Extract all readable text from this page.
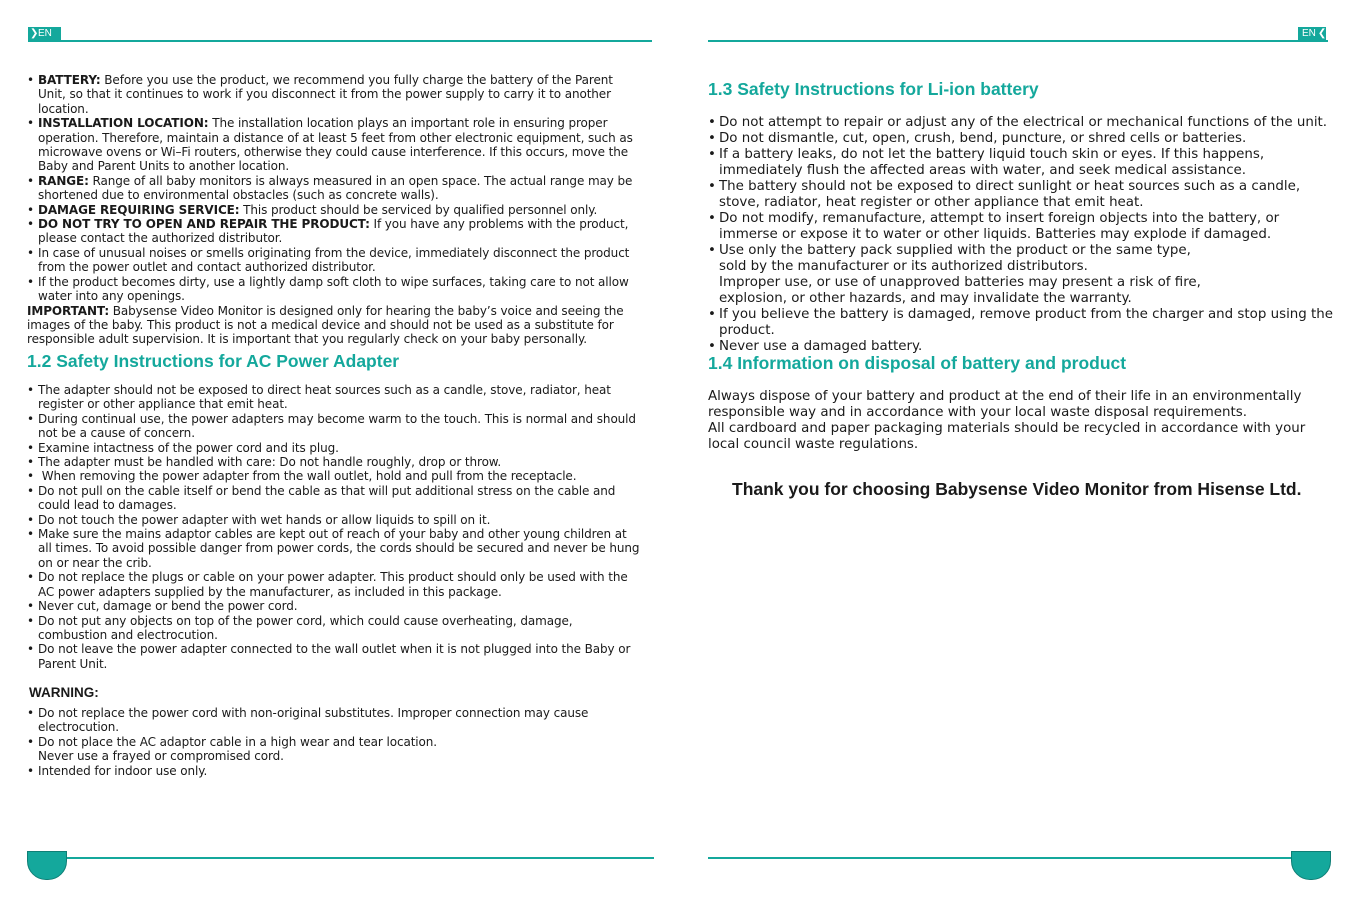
❯EN	EN ❮

• BATTERY: Before you use the product, we recommend you fully charge the battery of the Parent Unit, so that it continues to work if you disconnect it from the power supply to carry it to another location.

• INSTALLATION LOCATION: The installation location plays an important role in ensuring proper operation. Therefore, maintain a distance of at least 5 feet from other electronic equipment, such as microwave ovens or Wi–Fi routers, otherwise they could cause interference. If this occurs, move the Baby and Parent Units to another location.

• RANGE: Range of all baby monitors is always measured in an open space. The actual range may be shortened due to environmental obstacles (such as concrete walls).

• DAMAGE REQUIRING SERVICE: This product should be serviced by qualified personnel only.

• DO NOT TRY TO OPEN AND REPAIR THE PRODUCT: If you have any problems with the product, please contact the authorized distributor.

• In case of unusual noises or smells originating from the device, immediately disconnect the product from the power outlet and contact authorized distributor.

• If the product becomes dirty, use a lightly damp soft cloth to wipe surfaces, taking care to not allow water into any openings.

IMPORTANT: Babysense Video Monitor is designed only for hearing the baby’s voice and seeing the images of the baby. This product is not a medical device and should not be used as a substitute for responsible adult supervision. It is important that you regularly check on your baby personally.

1.2 Safety Instructions for AC Power Adapter

• The adapter should not be exposed to direct heat sources such as a candle, stove, radiator, heat register or other appliance that emit heat.

• During continual use, the power adapters may become warm to the touch. This is normal and should not be a cause of concern.

• Examine intactness of the power cord and its plug.

• The adapter must be handled with care: Do not handle roughly, drop or throw.

• When removing the power adapter from the wall outlet, hold and pull from the receptacle.

• Do not pull on the cable itself or bend the cable as that will put additional stress on the cable and could lead to damages.

• Do not touch the power adapter with wet hands or allow liquids to spill on it.

• Make sure the mains adaptor cables are kept out of reach of your baby and other young children at all times. To avoid possible danger from power cords, the cords should be secured and never be hung on or near the crib.

• Do not replace the plugs or cable on your power adapter. This product should only be used with the AC power adapters supplied by the manufacturer, as included in this package.

• Never cut, damage or bend the power cord.

• Do not put any objects on top of the power cord, which could cause overheating, damage, combustion and electrocution.

• Do not leave the power adapter connected to the wall outlet when it is not plugged into the Baby or Parent Unit.

WARNING:

• Do not replace the power cord with non-original substitutes. Improper connection may cause electrocution.

• Do not place the AC adaptor cable in a high wear and tear location.

Never use a frayed or compromised cord.

• Intended for indoor use only.

1.3 Safety Instructions for Li-ion battery

• Do not attempt to repair or adjust any of the electrical or mechanical functions of the unit.

• Do not dismantle, cut, open, crush, bend, puncture, or shred cells or batteries.

• If a battery leaks, do not let the battery liquid touch skin or eyes. If this happens, immediately flush the affected areas with water, and seek medical assistance.

• The battery should not be exposed to direct sunlight or heat sources such as a candle, stove, radiator, heat register or other appliance that emit heat.

• Do not modify, remanufacture, attempt to insert foreign objects into the battery, or immerse or expose it to water or other liquids. Batteries may explode if damaged.

• Use only the battery pack supplied with the product or the same type,

sold by the manufacturer or its authorized distributors.

Improper use, or use of unapproved batteries may present a risk of fire,

explosion, or other hazards, and may invalidate the warranty.

• If you believe the battery is damaged, remove product from the charger and stop using the product.

• Never use a damaged battery.

1.4 Information on disposal of battery and product

Always dispose of your battery and product at the end of their life in an environmentally responsible way and in accordance with your local waste disposal requirements.

All cardboard and paper packaging materials should be recycled in accordance with your local council waste regulations.

Thank you for choosing Babysense Video Monitor from Hisense Ltd.
